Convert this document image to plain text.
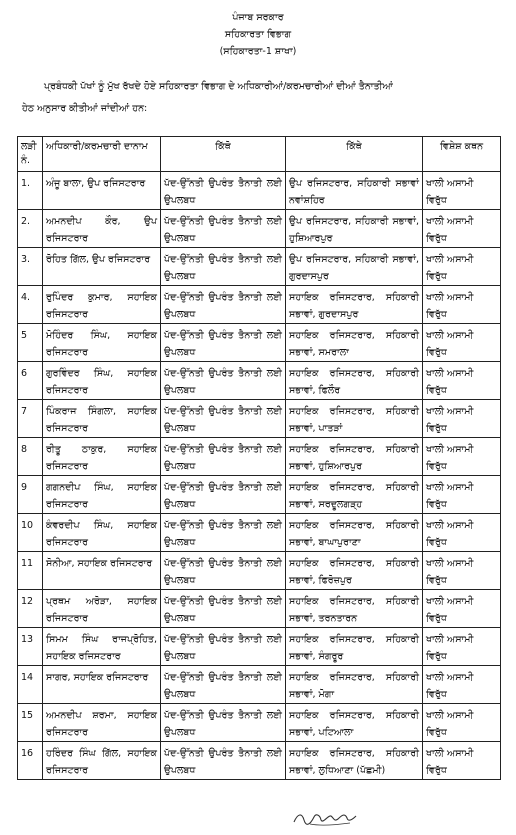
ਪੰਜਾਬ ਸਰਕਾਰ
ਸਹਿਕਾਰਤਾ ਵਿਭਾਗ
(ਸਹਿਕਾਰਤਾ-1 ਸ਼ਾਖਾ)
ਪ੍ਰਬੰਧਕੀ ਪੱਖਾਂ ਨੂੰ ਮੁੱਖ ਰੱਖਦੇ ਹੋਏ ਸਹਿਕਾਰਤਾ ਵਿਭਾਗ ਦੇ ਅਧਿਕਾਰੀਆਂ/ਕਰਮਚਾਰੀਆਂ ਦੀਆਂ ਤੈਨਾਤੀਆਂ
ਹੇਠ ਅਨੁਸਾਰ ਕੀਤੀਆਂ ਜਾਂਦੀਆਂ ਹਨ:
ਲੜੀ ਨੰ.	ਅਧਿਕਾਰੀ/ਕਰਮਚਾਰੀ ਦਾਨਾਮ	ਕਿੱਥੋ	ਕਿੱਥੇ	ਵਿਸ਼ੇਸ਼ ਕਥਨ
1.	ਅੰਜੂ ਬਾਲਾ, ਉਪ ਰਜਿਸਟਰਾਰ	ਪੱਦ-ਉੱਨਤੀ ਉਪਰੰਤ ਤੈਨਾਤੀ ਲਈ ਉਪਲਬਧ	ਉਪ ਰਜਿਸਟਰਾਰ, ਸਹਿਕਾਰੀ ਸਭਾਵਾਂ ਨਵਾਂਸ਼ਹਿਰ	ਖਾਲੀ ਅਸਾਮੀ ਵਿਰੁੱਧ
2.	ਅਮਨਦੀਪ ਕੌਰ, ਉਪ ਰਜਿਸਟਰਾਰ	ਪੱਦ-ਉੱਨਤੀ ਉਪਰੰਤ ਤੈਨਾਤੀ ਲਈ ਉਪਲਬਧ	ਉਪ ਰਜਿਸਟਰਾਰ, ਸਹਿਕਾਰੀ ਸਭਾਵਾਂ, ਹੁਸ਼ਿਆਰਪੁਰ	ਖਾਲੀ ਅਸਾਮੀ ਵਿਰੁੱਧ
3.	ਰੋਹਿਤ ਗਿੱਲ, ਉਪ ਰਜਿਸਟਰਾਰ	ਪੱਦ-ਉੱਨਤੀ ਉਪਰੰਤ ਤੈਨਾਤੀ ਲਈ ਉਪਲਬਧ	ਉਪ ਰਜਿਸਟਰਾਰ, ਸਹਿਕਾਰੀ ਸਭਾਵਾਂ, ਗੁਰਦਾਸਪੁਰ	ਖਾਲੀ ਅਸਾਮੀ ਵਿਰੁੱਧ
4.	ਰੁਪਿੰਦਰ ਕੁਮਾਰ, ਸਹਾਇਕ ਰਜਿਸਟਰਾਰ	ਪੱਦ-ਉੱਨਤੀ ਉਪਰੰਤ ਤੈਨਾਤੀ ਲਈ ਉਪਲਬਧ	ਸਹਾਇਕ ਰਜਿਸਟਰਾਰ, ਸਹਿਕਾਰੀ ਸਭਾਵਾਂ, ਗੁਰਦਾਸਪੁਰ	ਖਾਲੀ ਅਸਾਮੀ ਵਿਰੁੱਧ
5	ਮੋਹਿੰਦਰ ਸਿੰਘ, ਸਹਾਇਕ ਰਜਿਸਟਰਾਰ	ਪੱਦ-ਉੱਨਤੀ ਉਪਰੰਤ ਤੈਨਾਤੀ ਲਈ ਉਪਲਬਧ	ਸਹਾਇਕ ਰਜਿਸਟਰਾਰ, ਸਹਿਕਾਰੀ ਸਭਾਵਾਂ, ਸਮਰਾਲਾ	ਖਾਲੀ ਅਸਾਮੀ ਵਿਰੁੱਧ
6	ਗੁਰਵਿੰਦਰ ਸਿੰਘ, ਸਹਾਇਕ ਰਜਿਸਟਰਾਰ	ਪੱਦ-ਉੱਨਤੀ ਉਪਰੰਤ ਤੈਨਾਤੀ ਲਈ ਉਪਲਬਧ	ਸਹਾਇਕ ਰਜਿਸਟਰਾਰ, ਸਹਿਕਾਰੀ ਸਭਾਵਾਂ, ਫਿਲੌਰ	ਖਾਲੀ ਅਸਾਮੀ ਵਿਰੁੱਧ
7	ਪਿੰਕਰਾਜ ਸਿੰਗਲਾ, ਸਹਾਇਕ ਰਜਿਸਟਰਾਰ	ਪੱਦ-ਉੱਨਤੀ ਉਪਰੰਤ ਤੈਨਾਤੀ ਲਈ ਉਪਲਬਧ	ਸਹਾਇਕ ਰਜਿਸਟਰਾਰ, ਸਹਿਕਾਰੀ ਸਭਾਵਾਂ, ਪਾਤੜਾਂ	ਖਾਲੀ ਅਸਾਮੀ ਵਿਰੁੱਧ
8	ਰੀਤੂ ਠਾਕੁਰ, ਸਹਾਇਕ ਰਜਿਸਟਰਾਰ	ਪੱਦ-ਉੱਨਤੀ ਉਪਰੰਤ ਤੈਨਾਤੀ ਲਈ ਉਪਲਬਧ	ਸਹਾਇਕ ਰਜਿਸਟਰਾਰ, ਸਹਿਕਾਰੀ ਸਭਾਵਾਂ, ਹੁਸ਼ਿਆਰਪੁਰ	ਖਾਲੀ ਅਸਾਮੀ ਵਿਰੁੱਧ
9	ਗਗਨਦੀਪ ਸਿੰਘ, ਸਹਾਇਕ ਰਜਿਸਟਰਾਰ	ਪੱਦ-ਉੱਨਤੀ ਉਪਰੰਤ ਤੈਨਾਤੀ ਲਈ ਉਪਲਬਧ	ਸਹਾਇਕ ਰਜਿਸਟਰਾਰ, ਸਹਿਕਾਰੀ ਸਭਾਵਾਂ, ਸਰਦੂਲਗੜ੍ਹ	ਖਾਲੀ ਅਸਾਮੀ ਵਿਰੁੱਧ
10	ਕੰਵਰਦੀਪ ਸਿੰਘ, ਸਹਾਇਕ ਰਜਿਸਟਰਾਰ	ਪੱਦ-ਉੱਨਤੀ ਉਪਰੰਤ ਤੈਨਾਤੀ ਲਈ ਉਪਲਬਧ	ਸਹਾਇਕ ਰਜਿਸਟਰਾਰ, ਸਹਿਕਾਰੀ ਸਭਾਵਾਂ, ਬਾਘਾਪੁਰਾਣਾ	ਖਾਲੀ ਅਸਾਮੀ ਵਿਰੁੱਧ
11	ਸੋਨੀਆ, ਸਹਾਇਕ ਰਜਿਸਟਰਾਰ	ਪੱਦ-ਉੱਨਤੀ ਉਪਰੰਤ ਤੈਨਾਤੀ ਲਈ ਉਪਲਬਧ	ਸਹਾਇਕ ਰਜਿਸਟਰਾਰ, ਸਹਿਕਾਰੀ ਸਭਾਵਾਂ, ਫਿਰੋਜ਼ਪੁਰ	ਖਾਲੀ ਅਸਾਮੀ ਵਿਰੁੱਧ
12	ਪ੍ਰਥਮ ਅਰੋੜਾ, ਸਹਾਇਕ ਰਜਿਸਟਰਾਰ	ਪੱਦ-ਉੱਨਤੀ ਉਪਰੰਤ ਤੈਨਾਤੀ ਲਈ ਉਪਲਬਧ	ਸਹਾਇਕ ਰਜਿਸਟਰਾਰ, ਸਹਿਕਾਰੀ ਸਭਾਵਾਂ, ਤਰਨਤਾਰਨ	ਖਾਲੀ ਅਸਾਮੀ ਵਿਰੁੱਧ
13	ਸਿਮਮ ਸਿੰਘ ਰਾਜਪ੍ਰੋਹਿਤ, ਸਹਾਇਕ ਰਜਿਸਟਰਾਰ	ਪੱਦ-ਉੱਨਤੀ ਉਪਰੰਤ ਤੈਨਾਤੀ ਲਈ ਉਪਲਬਧ	ਸਹਾਇਕ ਰਜਿਸਟਰਾਰ, ਸਹਿਕਾਰੀ ਸਭਾਵਾਂ, ਸੰਗਰੂਰ	ਖਾਲੀ ਅਸਾਮੀ ਵਿਰੁੱਧ
14	ਸਾਗਰ, ਸਹਾਇਕ ਰਜਿਸਟਰਾਰ	ਪੱਦ-ਉੱਨਤੀ ਉਪਰੰਤ ਤੈਨਾਤੀ ਲਈ ਉਪਲਬਧ	ਸਹਾਇਕ ਰਜਿਸਟਰਾਰ, ਸਹਿਕਾਰੀ ਸਭਾਵਾਂ, ਮੋਗਾ	ਖਾਲੀ ਅਸਾਮੀ ਵਿਰੁੱਧ
15	ਅਮਨਦੀਪ ਸ਼ਰਮਾ, ਸਹਾਇਕ ਰਜਿਸਟਰਾਰ	ਪੱਦ-ਉੱਨਤੀ ਉਪਰੰਤ ਤੈਨਾਤੀ ਲਈ ਉਪਲਬਧ	ਸਹਾਇਕ ਰਜਿਸਟਰਾਰ, ਸਹਿਕਾਰੀ ਸਭਾਵਾਂ, ਪਟਿਆਲਾ	ਖਾਲੀ ਅਸਾਮੀ ਵਿਰੁੱਧ
16	ਹਰਿੰਦਰ ਸਿੰਘ ਗਿੱਲ, ਸਹਾਇਕ ਰਜਿਸਟਰਾਰ	ਪੱਦ-ਉੱਨਤੀ ਉਪਰੰਤ ਤੈਨਾਤੀ ਲਈ ਉਪਲਬਧ	ਸਹਾਇਕ ਰਜਿਸਟਰਾਰ, ਸਹਿਕਾਰੀ ਸਭਾਵਾਂ, ਲੁਧਿਆਣਾ (ਪੱਛਮੀ)	ਖਾਲੀ ਅਸਾਮੀ ਵਿਰੁੱਧ
